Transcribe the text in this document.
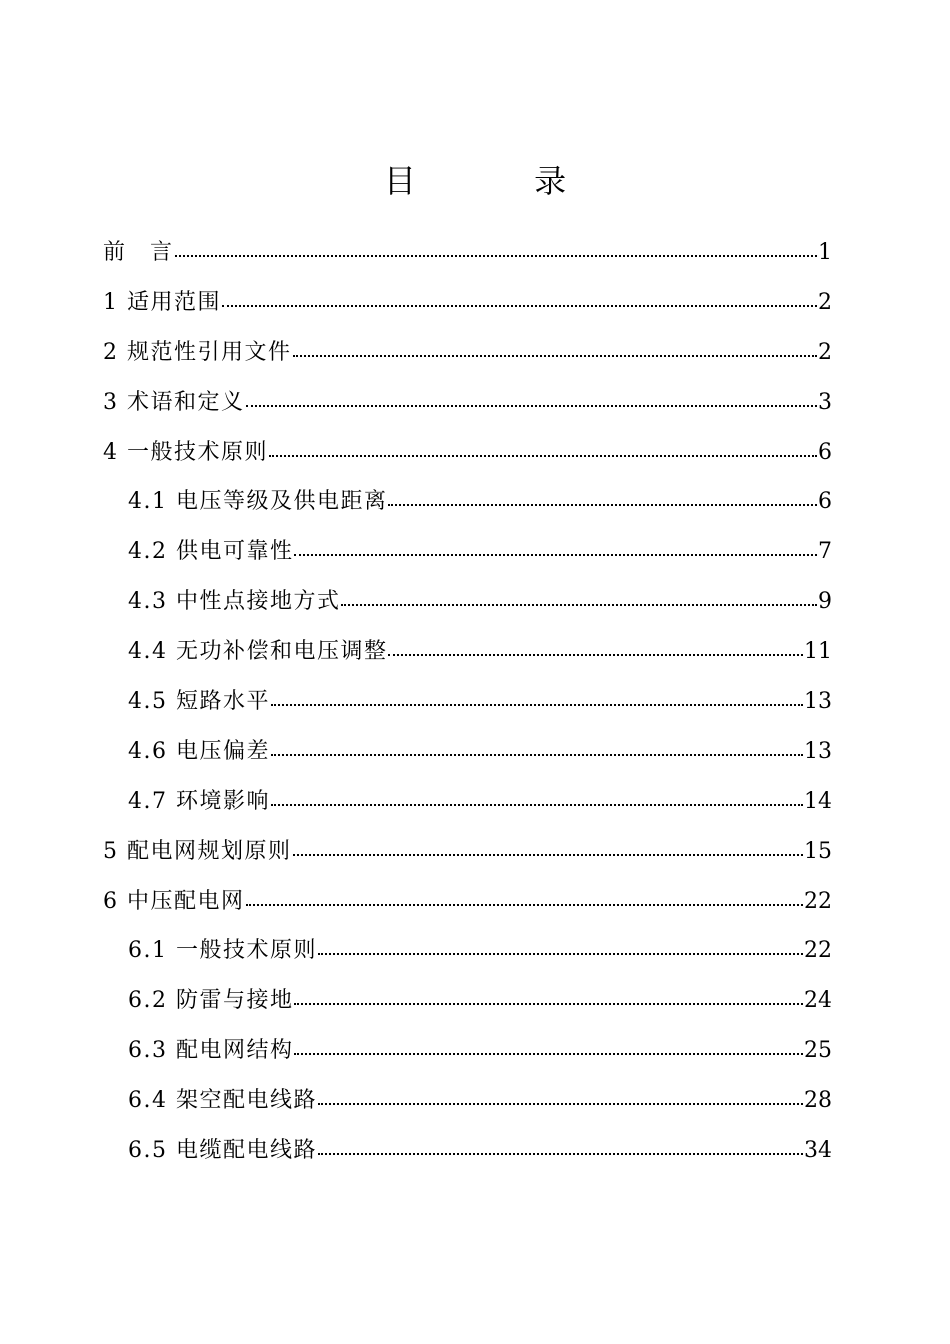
目 录
前　言	1
1 适用范围	2
2 规范性引用文件	2
3 术语和定义	3
4 一般技术原则	6
4.1 电压等级及供电距离	6
4.2 供电可靠性	7
4.3 中性点接地方式	9
4.4 无功补偿和电压调整	11
4.5 短路水平	13
4.6 电压偏差	13
4.7 环境影响	14
5 配电网规划原则	15
6 中压配电网	22
6.1 一般技术原则	22
6.2 防雷与接地	24
6.3 配电网结构	25
6.4 架空配电线路	28
6.5 电缆配电线路	34
